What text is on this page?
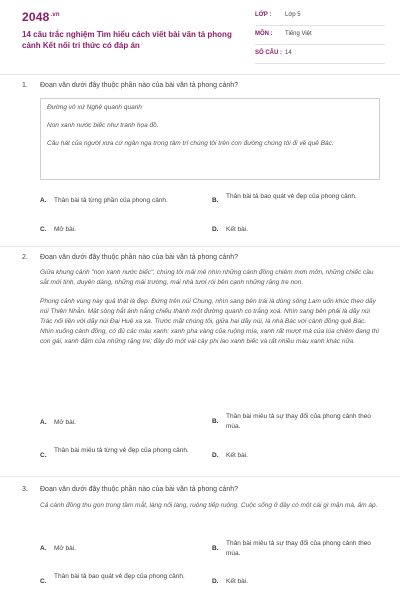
$2048^{.vn}$
14 câu trắc nghiệm Tìm hiểu cách viết bài văn tả phong cảnh Kết nối tri thức có đáp án
LỚP : Lớp 5
MÔN : Tiếng Việt
SỐ CÂU : 14
1. Đoạn văn dưới đây thuộc phần nào của bài văn tả phong cảnh?

Đường vô xứ Nghệ quanh quanh

Non xanh nước biếc như tranh họa đồ.

Câu hát của người xưa cứ ngân nga trong tâm trí chúng tôi trên con đường chúng tôi đi về quê Bác.

A. Thân bài tả từng phần của phong cảnh.	B.
Thân bài tả bao quát vẻ đẹp của phong cảnh.
C. Mở bài.	D. Kết bài.
2. Đoạn văn dưới đây thuộc phần nào của bài văn tả phong cảnh?

Giữa khung cảnh "non xanh nước biếc", chúng tôi mải mê nhìn những cánh đồng chiêm mơn mởn, những chiếc cầu sắt mới tinh, duyên dáng, những mái trường, mái nhà tươi rói bên cạnh những rặng tre non.

Phong cảnh vùng này quả thật là đẹp. Đứng trên núi Chung, nhìn sang bên trái là dòng sông Lam uốn khúc theo dãy núi Thiên Nhẫn. Mặt sông hắt ánh nắng chiếu thành một đường quanh co trắng xoá. Nhìn sang bên phải là dãy núi Trác nối liền với dãy núi Đại Huệ xa xa. Trước mặt chúng tôi, giữa hai dãy núi, là nhà Bác với cánh đồng quê Bác. Nhìn xuống cánh đồng, có đủ các màu xanh: xanh pha vàng của ruộng mía, xanh rất mượt mà của lúa chiêm đang thì con gái, xanh đậm của những rặng tre; đây đó một vài cây phi lao xanh biếc và rất nhiều màu xanh khác nữa.

A. Mở bài.	B.
Thân bài miêu tả sự thay đổi của phong cảnh theo mùa.
C.
Thân bài miêu tả từng vẻ đẹp của phong cảnh.
D. Kết bài.
3. Đoạn văn dưới đây thuộc phần nào của bài văn tả phong cảnh?

Cả cánh đồng thu gọn trong tầm mắt, làng nối làng, ruộng tiếp ruộng. Cuộc sống ở đây có một cái gì mặn mà, ấm áp.

A. Mở bài.	B.
Thân bài miêu tả sự thay đổi của phong cảnh theo mùa.
C.
Thân bài tả bao quát vẻ đẹp của phong cảnh.
D. Kết bài.
